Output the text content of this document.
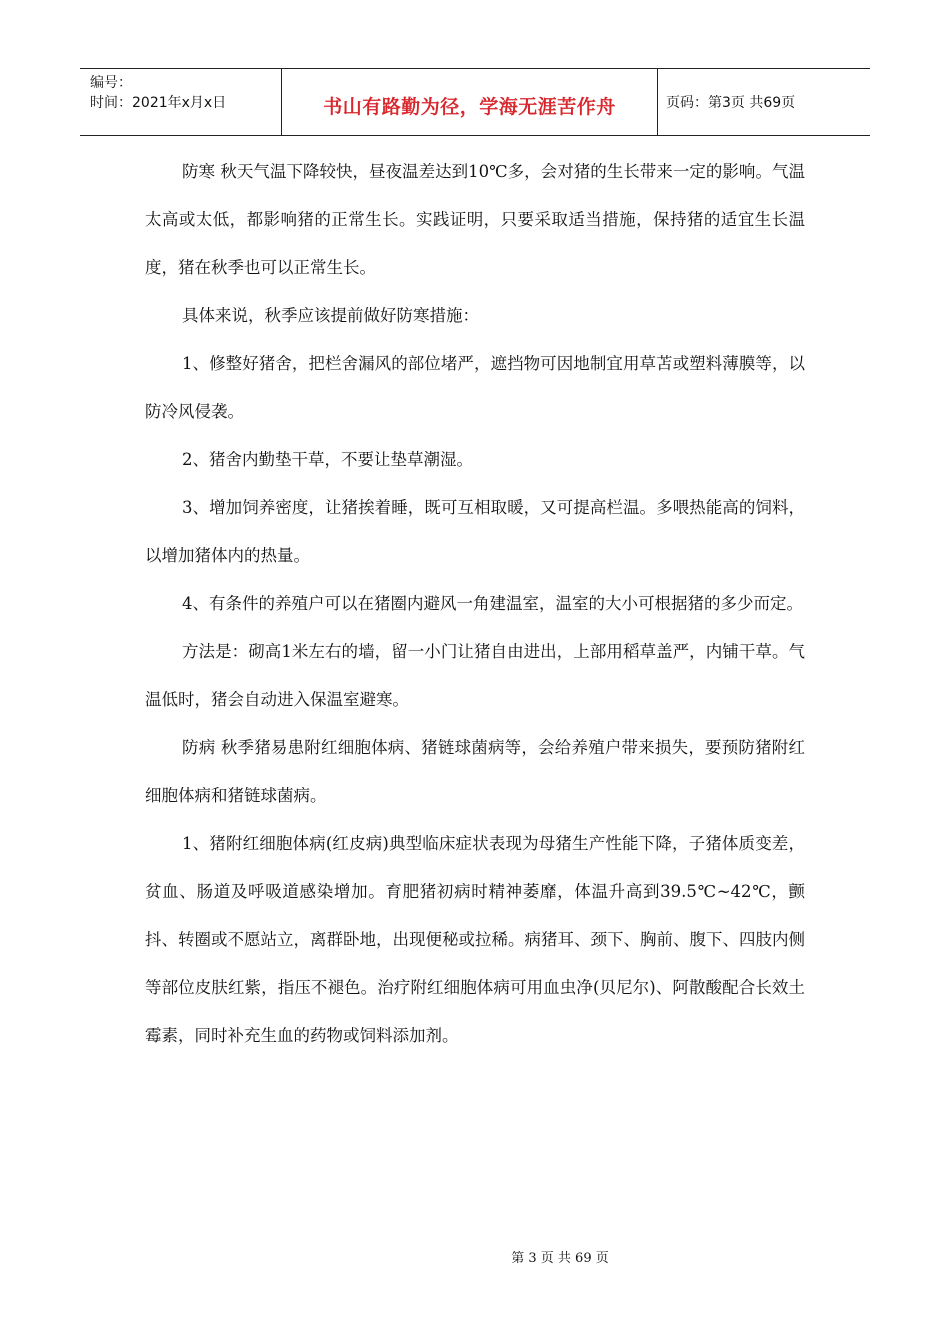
编号：
时间：2021年x月x日	书山有路勤为径，学海无涯苦作舟	页码：第3页 共69页

防寒 秋天气温下降较快，昼夜温差达到10℃多，会对猪的生长带来一定的影响。气温太高或太低，都影响猪的正常生长。实践证明，只要采取适当措施，保持猪的适宜生长温度，猪在秋季也可以正常生长。

具体来说，秋季应该提前做好防寒措施：

1、修整好猪舍，把栏舍漏风的部位堵严，遮挡物可因地制宜用草苫或塑料薄膜等，以防冷风侵袭。

2、猪舍内勤垫干草，不要让垫草潮湿。

3、增加饲养密度，让猪挨着睡，既可互相取暖，又可提高栏温。多喂热能高的饲料，以增加猪体内的热量。

4、有条件的养殖户可以在猪圈内避风一角建温室，温室的大小可根据猪的多少而定。

方法是：砌高1米左右的墙，留一小门让猪自由进出，上部用稻草盖严，内铺干草。气温低时，猪会自动进入保温室避寒。

防病 秋季猪易患附红细胞体病、猪链球菌病等，会给养殖户带来损失，要预防猪附红细胞体病和猪链球菌病。

1、猪附红细胞体病(红皮病)典型临床症状表现为母猪生产性能下降，子猪体质变差，贫血、肠道及呼吸道感染增加。育肥猪初病时精神萎靡，体温升高到39.5℃~42℃，颤抖、转圈或不愿站立，离群卧地，出现便秘或拉稀。病猪耳、颈下、胸前、腹下、四肢内侧等部位皮肤红紫，指压不褪色。治疗附红细胞体病可用血虫净(贝尼尔)、阿散酸配合长效土霉素，同时补充生血的药物或饲料添加剂。

第 3 页 共 69 页
